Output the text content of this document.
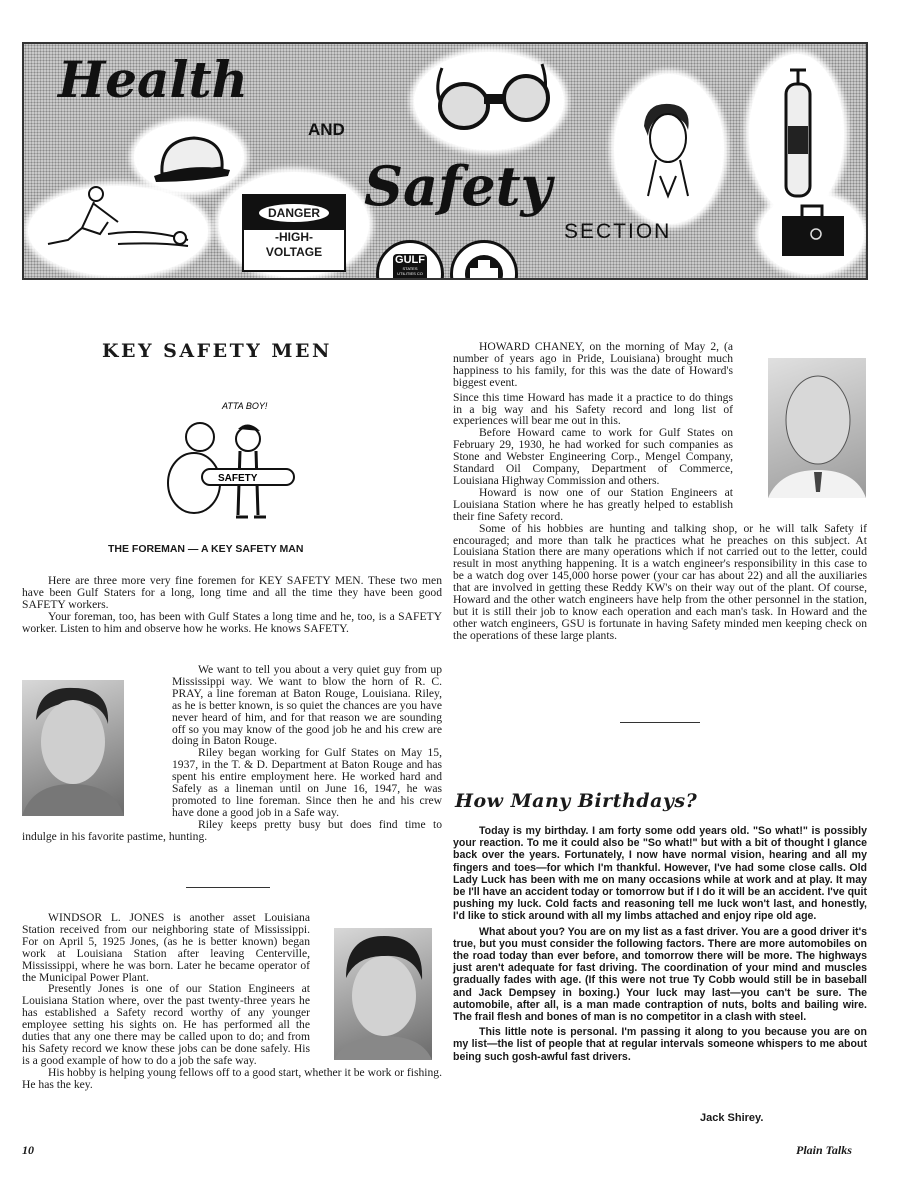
Health
AND
Safety
SECTION
DANGER
-HIGH-
VOLTAGE
GULF
STATES UTILITIES CO
KEY SAFETY MEN
ATTA BOY!
SAFETY
THE FOREMAN — A KEY SAFETY MAN

Here are three more very fine foremen for KEY SAFETY MEN. These two men have been Gulf Staters for a long, long time and all the time they have been good SAFETY workers.

Your foreman, too, has been with Gulf States a long time and he, too, is a SAFETY worker. Listen to him and observe how he works. He knows SAFETY.

We want to tell you about a very quiet guy from up Mississippi way. We want to blow the horn of R. C. PRAY, a line foreman at Baton Rouge, Louisiana. Riley, as he is better known, is so quiet the chances are you have never heard of him, and for that reason we are sounding off so you may know of the good job he and his crew are doing in Baton Rouge.

Riley began working for Gulf States on May 15, 1937, in the T. & D. Department at Baton Rouge and has spent his entire employment here. He worked hard and Safely as a lineman until on June 16, 1947, he was promoted to line foreman. Since then he and his crew have done a good job in a Safe way.

Riley keeps pretty busy but does find time to indulge in his favorite pastime, hunting.

WINDSOR L. JONES is another asset Louisiana Station received from our neighboring state of Mississippi. For on April 5, 1925 Jones, (as he is better known) began work at Louisiana Station after leaving Centerville, Mississippi, where he was born. Later he became operator of the Municipal Power Plant.

Presently Jones is one of our Station Engineers at Louisiana Station where, over the past twenty-three years he has established a Safety record worthy of any younger employee setting his sights on. He has performed all the duties that any one there may be called upon to do; and from his Safety record we know these jobs can be done safely. His is a good example of how to do a job the safe way.

His hobby is helping young fellows off to a good start, whether it be work or fishing. He has the key.

HOWARD CHANEY, on the morning of May 2, (a number of years ago in Pride, Louisiana) brought much happiness to his family, for this was the date of Howard's biggest event.

Since this time Howard has made it a practice to do things in a big way and his Safety record and long list of experiences will bear me out in this.

Before Howard came to work for Gulf States on February 29, 1930, he had worked for such companies as Stone and Webster Engineering Corp., Mengel Company, Standard Oil Company, Department of Commerce, Louisiana Highway Commission and others.

Howard is now one of our Station Engineers at Louisiana Station where he has greatly helped to establish their fine Safety record.

Some of his hobbies are hunting and talking shop, or he will talk Safety if encouraged; and more than talk he practices what he preaches on this subject. At Louisiana Station there are many operations which if not carried out to the letter, could result in most anything happening. It is a watch engineer's responsibility in this case to be a watch dog over 145,000 horse power (your car has about 22) and all the auxiliaries that are involved in getting these Reddy KW's on their way out of the plant. Of course, Howard and the other watch engineers have help from the other personnel in the station, but it is still their job to know each operation and each man's task. In Howard and the other watch engineers, GSU is fortunate in having Safety minded men keeping check on the operations of these large plants.

How Many Birthdays?

Today is my birthday. I am forty some odd years old. "So what!" is possibly your reaction. To me it could also be "So what!" but with a bit of thought I glance back over the years. Fortunately, I now have normal vision, hearing and all my fingers and toes—for which I'm thankful. However, I've had some close calls. Old Lady Luck has been with me on many occasions while at work and at play. It may be I'll have an accident today or tomorrow but if I do it will be an accident. I've quit pushing my luck. Cold facts and reasoning tell me luck won't last, and honestly, I'd like to stick around with all my limbs attached and enjoy ripe old age.

What about you? You are on my list as a fast driver. You are a good driver it's true, but you must consider the following factors. There are more automobiles on the road today than ever before, and tomorrow there will be more. The highways just aren't adequate for fast driving. The coordination of your mind and muscles gradually fades with age. (If this were not true Ty Cobb would still be in baseball and Jack Dempsey in boxing.) Your luck may last—you can't be sure. The automobile, after all, is a man made contraption of nuts, bolts and bailing wire. The frail flesh and bones of man is no competitor in a clash with steel.

This little note is personal. I'm passing it along to you because you are on my list—the list of people that at regular intervals someone whispers to me about being such gosh-awful fast drivers.

Jack Shirey.
10	Plain Talks
